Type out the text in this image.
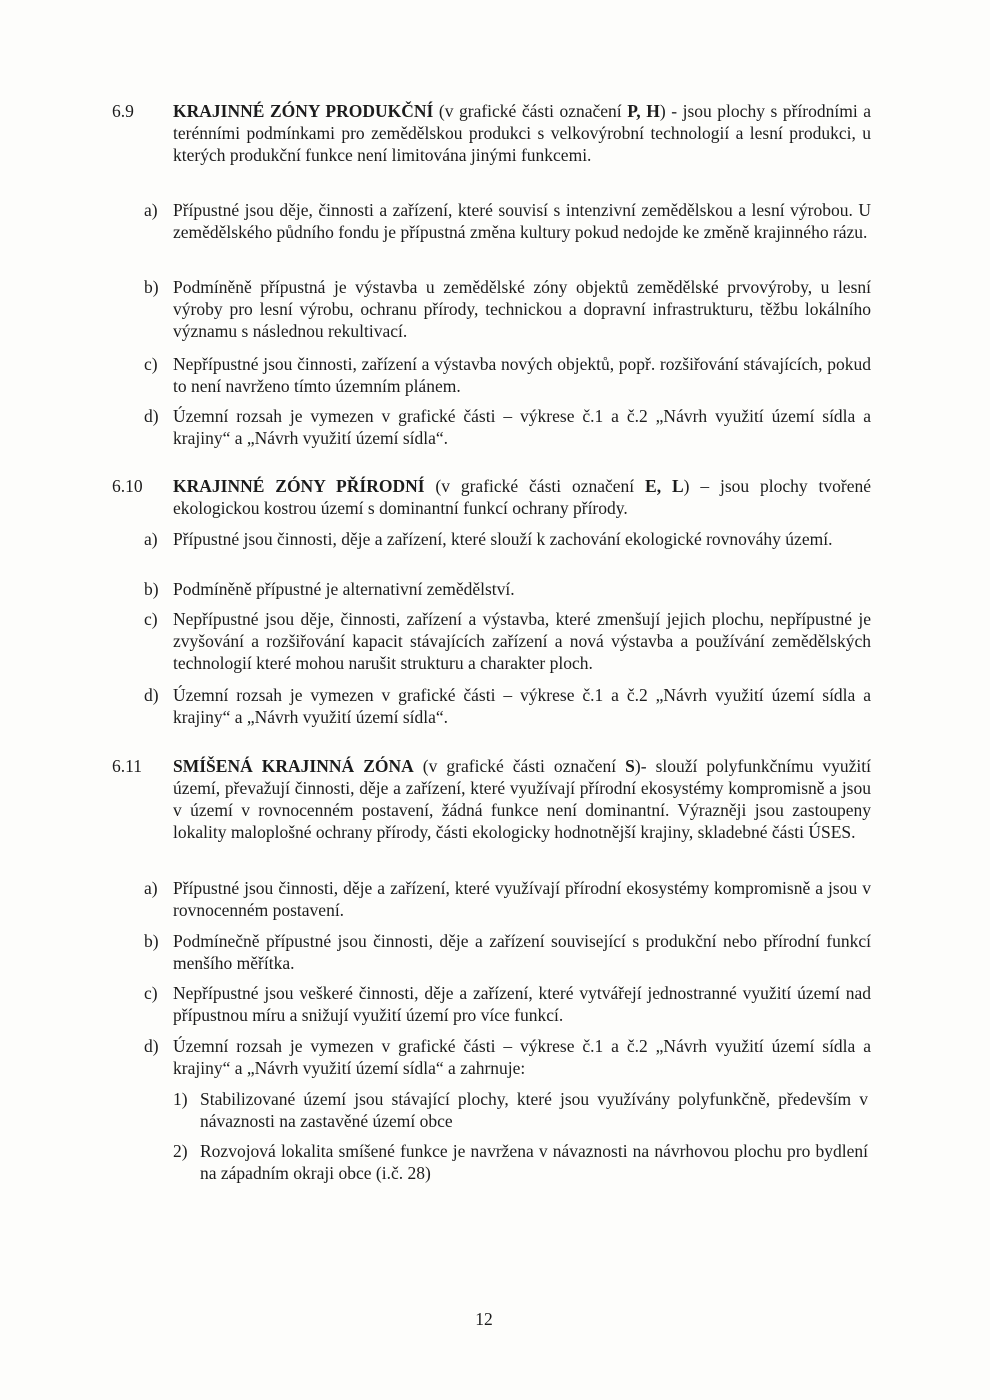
6.9 KRAJINNÉ ZÓNY PRODUKČNÍ (v grafické části označení P, H) - jsou plochy s přírodními a terénními podmínkami pro zemědělskou produkci s velkovýrobní technologií a lesní produkci, u kterých produkční funkce není limitována jinými funkcemi.
a) Přípustné jsou děje, činnosti a zařízení, které souvisí s intenzivní zemědělskou a lesní výrobou. U zemědělského půdního fondu je přípustná změna kultury pokud nedojde ke změně krajinného rázu.
b) Podmíněně přípustná je výstavba u zemědělské zóny objektů zemědělské prvovýroby, u lesní výroby pro lesní výrobu, ochranu přírody, technickou a dopravní infrastrukturu, těžbu lokálního významu s následnou rekultivací.
c) Nepřípustné jsou činnosti, zařízení a výstavba nových objektů, popř. rozšiřování stávajících, pokud to není navrženo tímto územním plánem.
d) Územní rozsah je vymezen v grafické části – výkrese č.1 a č.2 „Návrh využití území sídla a krajiny“ a „Návrh využití území sídla“.
6.10 KRAJINNÉ ZÓNY PŘÍRODNÍ (v grafické části označení E, L) – jsou plochy tvořené ekologickou kostrou území s dominantní funkcí ochrany přírody.
a) Přípustné jsou činnosti, děje a zařízení, které slouží k zachování ekologické rovnováhy území.
b) Podmíněně přípustné je alternativní zemědělství.
c) Nepřípustné jsou děje, činnosti, zařízení a výstavba, které zmenšují jejich plochu, nepřípustné je zvyšování a rozšiřování kapacit stávajících zařízení a nová výstavba a používání zemědělských technologií které mohou narušit strukturu a charakter ploch.
d) Územní rozsah je vymezen v grafické části – výkrese č.1 a č.2 „Návrh využití území sídla a krajiny“ a „Návrh využití území sídla“.
6.11 SMÍŠENÁ KRAJINNÁ ZÓNA (v grafické části označení S)- slouží polyfunkčnímu využití území, převažují činnosti, děje a zařízení, které využívají přírodní ekosystémy kompromisně a jsou v území v rovnocenném postavení, žádná funkce není dominantní. Výrazněji jsou zastoupeny lokality maloplošné ochrany přírody, části ekologicky hodnotnější krajiny, skladebné části ÚSES.
a) Přípustné jsou činnosti, děje a zařízení, které využívají přírodní ekosystémy kompromisně a jsou v rovnocenném postavení.
b) Podmínečně přípustné jsou činnosti, děje a zařízení související s produkční nebo přírodní funkcí menšího měřítka.
c) Nepřípustné jsou veškeré činnosti, děje a zařízení, které vytvářejí jednostranné využití území nad přípustnou míru a snižují využití území pro více funkcí.
d) Územní rozsah je vymezen v grafické části – výkrese č.1 a č.2 „Návrh využití území sídla a krajiny“ a „Návrh využití území sídla“ a zahrnuje:
1) Stabilizované území jsou stávající plochy, které jsou využívány polyfunkčně, především v návaznosti na zastavěné území obce
2) Rozvojová lokalita smíšené funkce je navržena v návaznosti na návrhovou plochu pro bydlení na západním okraji obce (i.č. 28)
12
